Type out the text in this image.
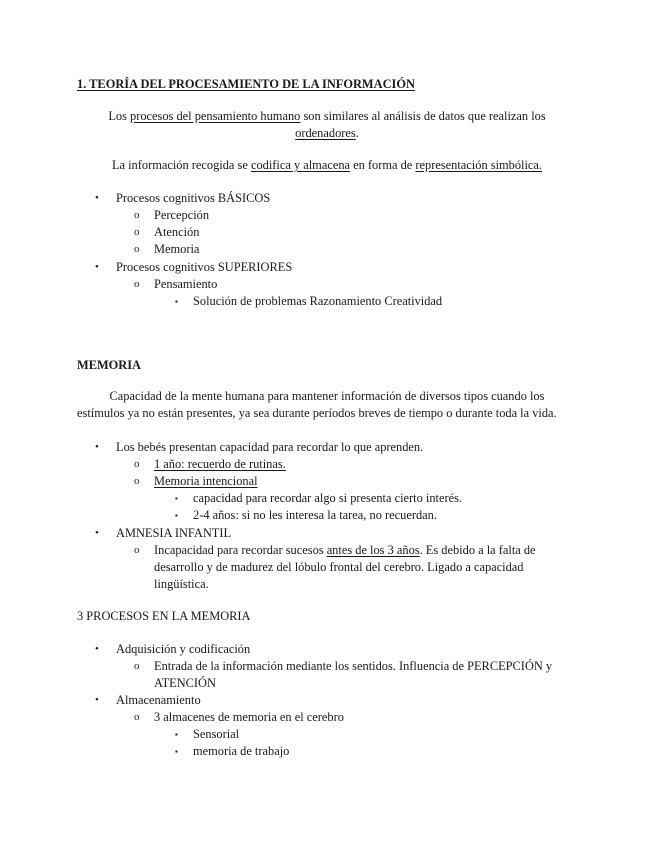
1. TEORÍA DEL PROCESAMIENTO DE LA INFORMACIÓN
Los procesos del pensamiento humano son similares al análisis de datos que realizan los
ordenadores.
La información recogida se codifica y almacena en forma de representación simbólica.
• Procesos cognitivos BÁSICOS
o Percepción
o Atención
o Memoria
• Procesos cognitivos SUPERIORES
o Pensamiento
▪ Solución de problemas Razonamiento Creatividad
MEMORIA
Capacidad de la mente humana para mantener información de diversos tipos cuando los
estímulos ya no están presentes, ya sea durante períodos breves de tiempo o durante toda la vida.
• Los bebés presentan capacidad para recordar lo que aprenden.
o 1 año: recuerdo de rutinas.
o Memoria intencional
▪ capacidad para recordar algo si presenta cierto interés.
▪ 2-4 años: si no les interesa la tarea, no recuerdan.
• AMNESIA INFANTIL
o Incapacidad para recordar sucesos antes de los 3 años. Es debido a la falta de
desarrollo y de madurez del lóbulo frontal del cerebro. Ligado a capacidad
lingüística.
3 PROCESOS EN LA MEMORIA
• Adquisición y codificación
o Entrada de la información mediante los sentidos. Influencia de PERCEPCIÓN y
ATENCIÓN
• Almacenamiento
o 3 almacenes de memoria en el cerebro
▪ Sensorial
▪ memoria de trabajo
